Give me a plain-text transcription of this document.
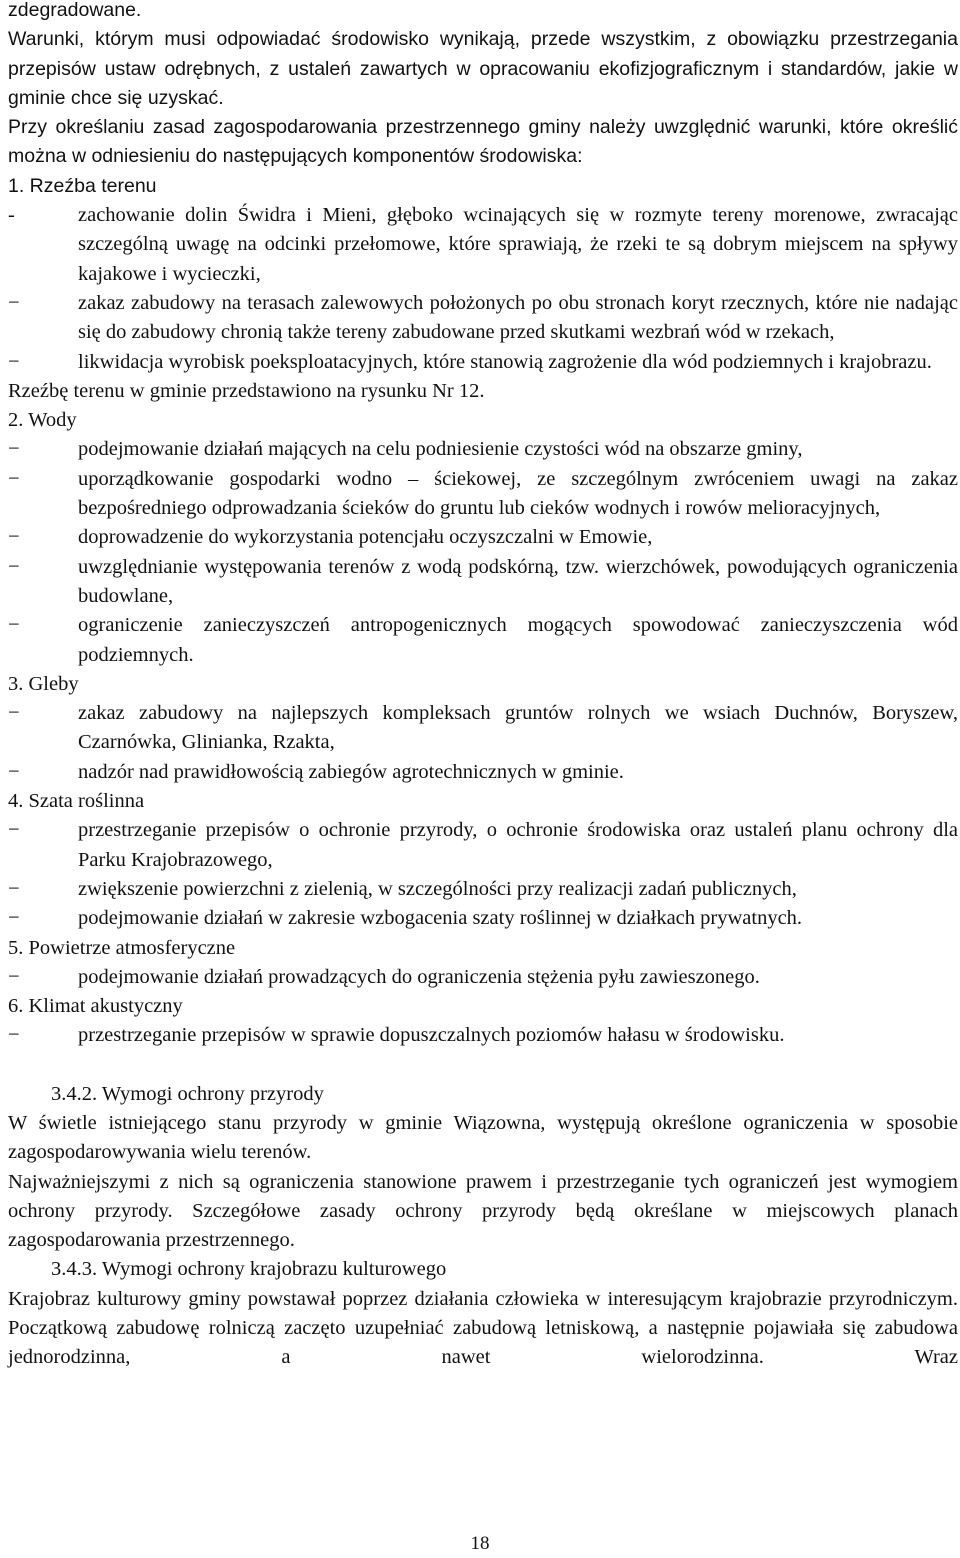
zdegradowane.

Warunki, którym musi odpowiadać środowisko wynikają, przede wszystkim, z obowiązku przestrzegania przepisów ustaw odrębnych, z ustaleń zawartych w opracowaniu ekofizjograficznym i standardów, jakie w gminie chce się uzyskać.

Przy określaniu zasad zagospodarowania przestrzennego gminy należy uwzględnić warunki, które określić można w odniesieniu do następujących komponentów środowiska:

1. Rzeźba terenu

-	zachowanie dolin Świdra i Mieni, głęboko wcinających się w rozmyte tereny morenowe, zwracając szczególną uwagę na odcinki przełomowe, które sprawiają, że rzeki te są dobrym miejscem na spływy kajakowe i wycieczki,
−	zakaz zabudowy na terasach zalewowych położonych po obu stronach koryt rzecznych, które nie nadając się do zabudowy chronią także tereny zabudowane przed skutkami wezbrań wód w rzekach,
−	likwidacja wyrobisk poeksploatacyjnych, które stanowią zagrożenie dla wód podziemnych i krajobrazu.

Rzeźbę terenu w gminie przedstawiono na rysunku Nr 12.

2. Wody

−	podejmowanie działań mających na celu podniesienie czystości wód na obszarze gminy,
−	uporządkowanie gospodarki wodno – ściekowej, ze szczególnym zwróceniem uwagi na zakaz bezpośredniego odprowadzania ścieków do gruntu lub cieków wodnych i rowów melioracyjnych,
−	doprowadzenie do wykorzystania potencjału oczyszczalni w Emowie,
−	uwzględnianie występowania terenów z wodą podskórną, tzw. wierzchówek, powodujących ograniczenia budowlane,
−	ograniczenie zanieczyszczeń antropogenicznych mogących spowodować zanieczyszczenia wód podziemnych.

3. Gleby

−	zakaz zabudowy na najlepszych kompleksach gruntów rolnych we wsiach Duchnów, Boryszew, Czarnówka, Glinianka, Rzakta,
−	nadzór nad prawidłowością zabiegów agrotechnicznych w gminie.

4. Szata roślinna

−	przestrzeganie przepisów o ochronie przyrody, o ochronie środowiska oraz ustaleń planu ochrony dla Parku Krajobrazowego,
−	zwiększenie powierzchni z zielenią, w szczególności przy realizacji zadań publicznych,
−	podejmowanie działań w zakresie wzbogacenia szaty roślinnej w działkach prywatnych.

5. Powietrze atmosferyczne

−	podejmowanie działań prowadzących do ograniczenia stężenia pyłu zawieszonego.

6. Klimat akustyczny

−	przestrzeganie przepisów w sprawie dopuszczalnych poziomów hałasu w środowisku.

3.4.2. Wymogi ochrony przyrody

W świetle istniejącego stanu przyrody w gminie Wiązowna, występują określone ograniczenia w sposobie zagospodarowywania wielu terenów.

Najważniejszymi z nich są ograniczenia stanowione prawem i przestrzeganie tych ograniczeń jest wymogiem ochrony przyrody. Szczegółowe zasady ochrony przyrody będą określane w miejscowych planach zagospodarowania przestrzennego.

3.4.3. Wymogi ochrony krajobrazu kulturowego

Krajobraz kulturowy gminy powstawał poprzez działania człowieka w interesującym krajobrazie przyrodniczym. Początkową zabudowę rolniczą zaczęto uzupełniać zabudową letniskową, a następnie pojawiała się zabudowa jednorodzinna, a nawet wielorodzinna. Wraz

18
